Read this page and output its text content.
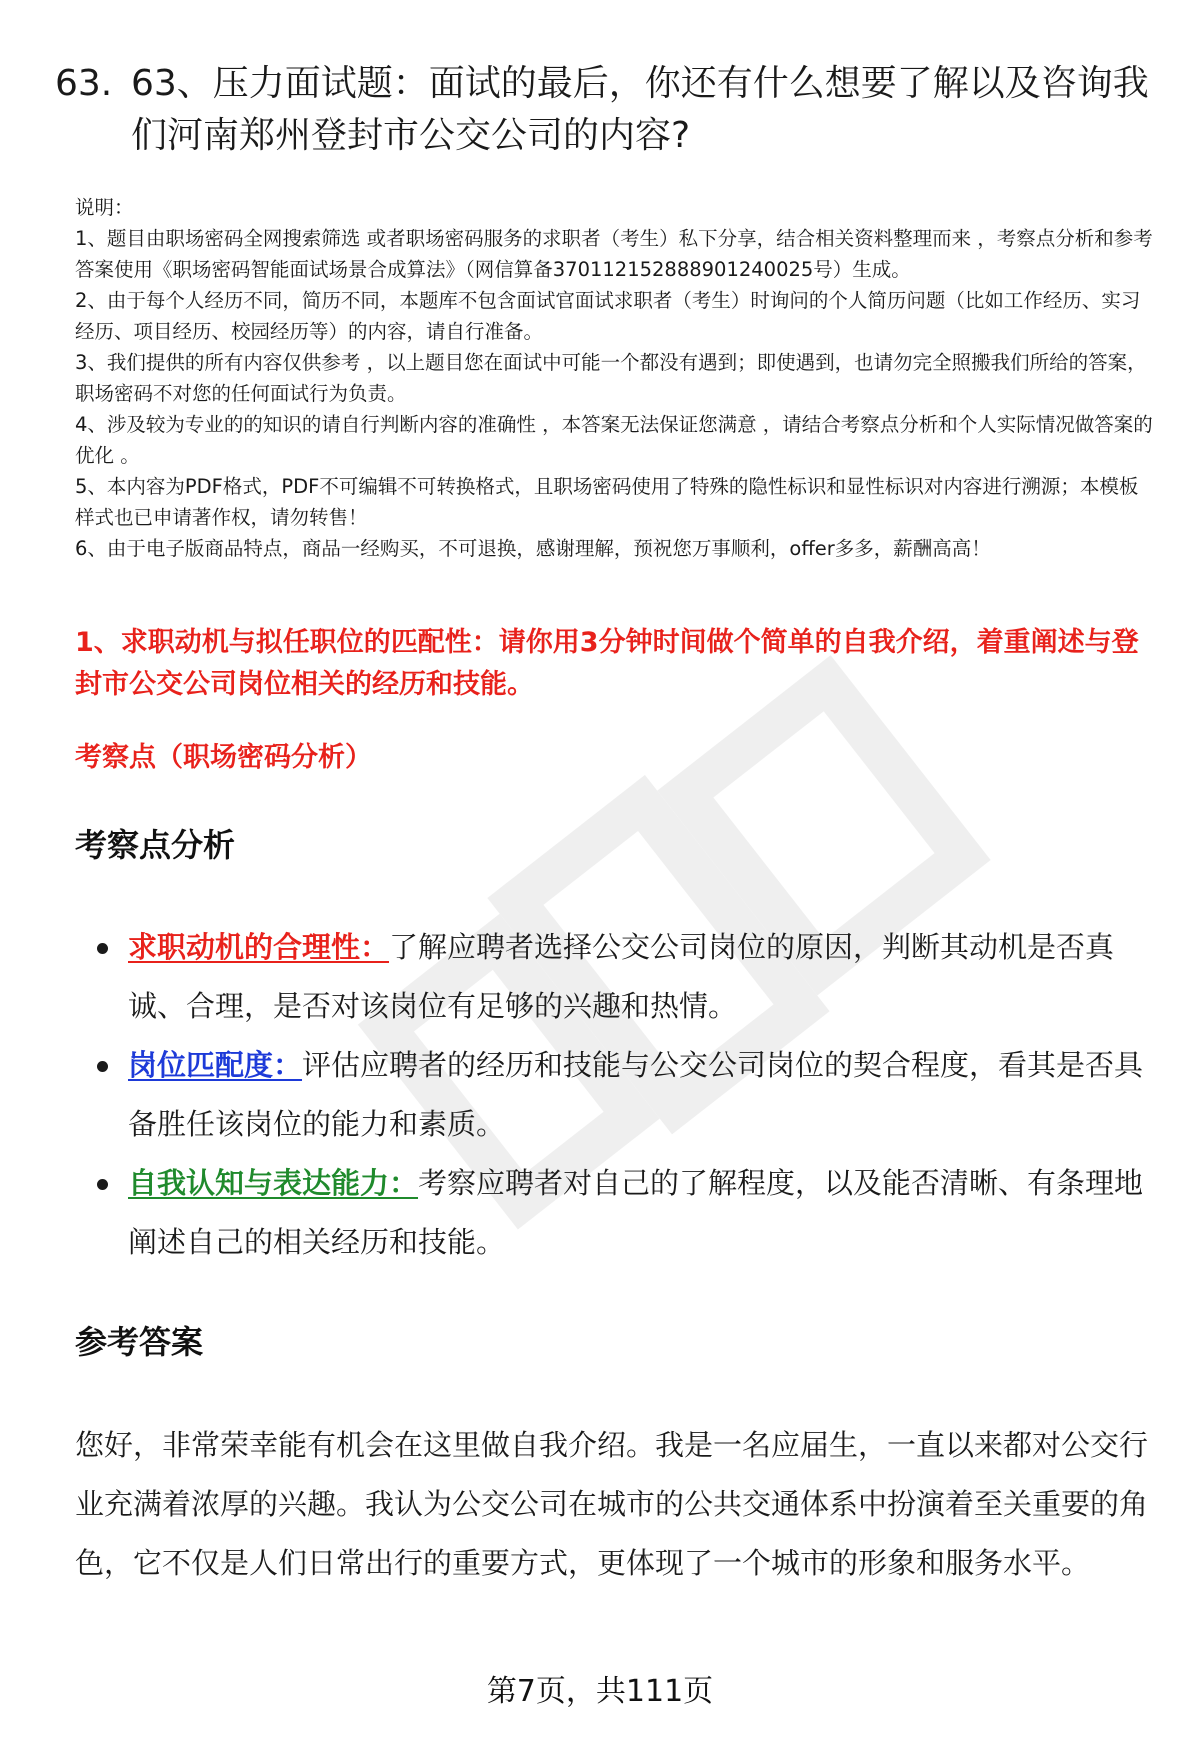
63. 63、压力面试题：面试的最后，你还有什么想要了解以及咨询我们河南郑州登封市公交公司的内容?

说明：

1、题目由职场密码全网搜索筛选 或者职场密码服务的求职者（考生）私下分享，结合相关资料整理而来 ，考察点分析和参考答案使用《职场密码智能面试场景合成算法》（网信算备370112152888901240025号）生成。

2、由于每个人经历不同，简历不同，本题库不包含面试官面试求职者（考生）时询问的个人简历问题（比如工作经历、实习经历、项目经历、校园经历等）的内容，请自行准备。

3、我们提供的所有内容仅供参考 ，以上题目您在面试中可能一个都没有遇到；即使遇到，也请勿完全照搬我们所给的答案，职场密码不对您的任何面试行为负责。

4、涉及较为专业的的知识的请自行判断内容的准确性 ，本答案无法保证您满意 ，请结合考察点分析和个人实际情况做答案的优化 。

5、本内容为PDF格式，PDF不可编辑不可转换格式，且职场密码使用了特殊的隐性标识和显性标识对内容进行溯源；本模板样式也已申请著作权，请勿转售！

6、由于电子版商品特点，商品一经购买，不可退换，感谢理解，预祝您万事顺利，offer多多，薪酬高高！

1、求职动机与拟任职位的匹配性：请你用3分钟时间做个简单的自我介绍，着重阐述与登封市公交公司岗位相关的经历和技能。
考察点（职场密码分析）
考察点分析
求职动机的合理性：了解应聘者选择公交公司岗位的原因，判断其动机是否真诚、合理，是否对该岗位有足够的兴趣和热情。
岗位匹配度：评估应聘者的经历和技能与公交公司岗位的契合程度，看其是否具备胜任该岗位的能力和素质。
自我认知与表达能力：考察应聘者对自己的了解程度，以及能否清晰、有条理地阐述自己的相关经历和技能。
参考答案

您好，非常荣幸能有机会在这里做自我介绍。我是一名应届生，一直以来都对公交行业充满着浓厚的兴趣。我认为公交公司在城市的公共交通体系中扮演着至关重要的角色，它不仅是人们日常出行的重要方式，更体现了一个城市的形象和服务水平。

第7页，共111页
